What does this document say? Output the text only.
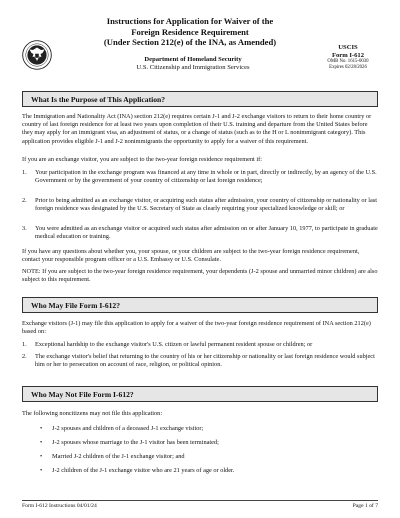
Instructions for Application for Waiver of the
Foreign Residence Requirement
(Under Section 212(e) of the INA, as Amended)
Department of Homeland Security
U.S. Citizenship and Immigration Services
USCIS
Form I-612
OMB No. 1615-0030
Expires 02/28/2026
What Is the Purpose of This Application?
The Immigration and Nationality Act (INA) section 212(e) requires certain J-1 and J-2 exchange visitors to return to their home country or country of last foreign residence for at least two years upon completion of their U.S. training and departure from the United States before they may apply for an immigrant visa, an adjustment of status, or a change of status (such as to the H or L nonimmigrant category). This application provides eligible J-1 and J-2 nonimmigrants the opportunity to apply for a waiver of this requirement.
If you are an exchange visitor, you are subject to the two-year foreign residence requirement if:
1. Your participation in the exchange program was financed at any time in whole or in part, directly or indirectly, by an agency of the U.S. Government or by the government of your country of citizenship or last foreign residence;
2. Prior to being admitted as an exchange visitor, or acquiring such status after admission, your country of citizenship or nationality or last foreign residence was designated by the U.S. Secretary of State as clearly requiring your specialized knowledge or skill; or
3. You were admitted as an exchange visitor or acquired such status after admission on or after January 10, 1977, to participate in graduate medical education or training.
If you have any questions about whether you, your spouse, or your children are subject to the two-year foreign residence requirement, contact your responsible program officer or a U.S. Embassy or U.S. Consulate.
NOTE: If you are subject to the two-year foreign residence requirement, your dependents (J-2 spouse and unmarried minor children) are also subject to this requirement.
Who May File Form I-612?
Exchange visitors (J-1) may file this application to apply for a waiver of the two-year foreign residence requirement of INA section 212(e) based on:
1. Exceptional hardship to the exchange visitor's U.S. citizen or lawful permanent resident spouse or children; or
2. The exchange visitor's belief that returning to the country of his or her citizenship or nationality or last foreign residence would subject him or her to persecution on account of race, religion, or political opinion.
Who May Not File Form I-612?
The following noncitizens may not file this application:
• J-2 spouses and children of a deceased J-1 exchange visitor;
• J-2 spouses whose marriage to the J-1 visitor has been terminated;
• Married J-2 children of the J-1 exchange visitor; and
• J-2 children of the J-1 exchange visitor who are 21 years of age or older.
Form I-612 Instructions 04/01/24	Page 1 of 7
